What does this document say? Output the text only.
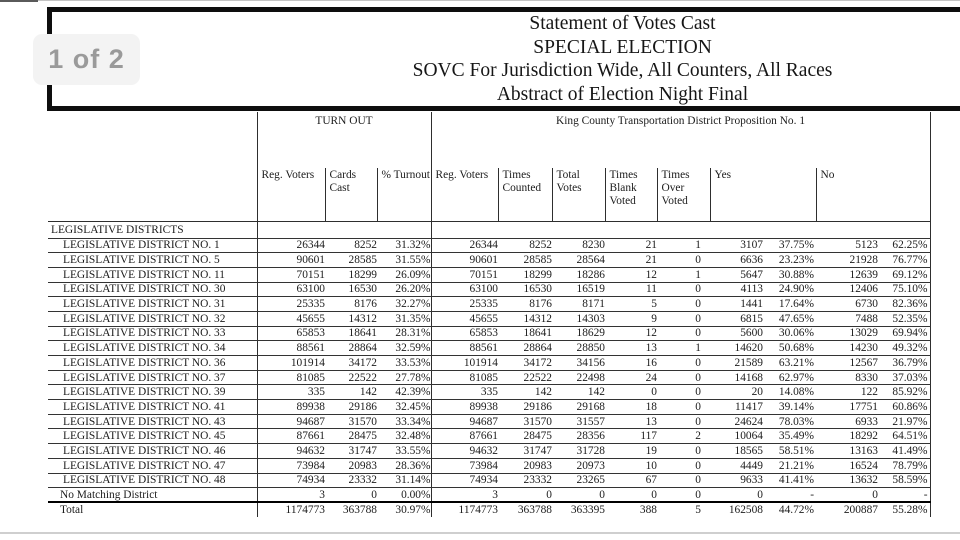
Statement of Votes Cast
SPECIAL ELECTION
SOVC For Jurisdiction Wide, All Counters, All Races
Abstract of Election Night Final
1 of 2
	TURN OUT			King County Transportation District Proposition No. 1								
	Reg. Voters	Cards Cast	% Turnout	Reg. Voters	Times Counted	Total Votes	Times Blank Voted	Times Over Voted	Yes		No	
LEGISLATIVE DISTRICTS												
LEGISLATIVE DISTRICT NO. 1	26344	8252	31.32%	26344	8252	8230	21	1	3107	37.75%	5123	62.25%
LEGISLATIVE DISTRICT NO. 5	90601	28585	31.55%	90601	28585	28564	21	0	6636	23.23%	21928	76.77%
LEGISLATIVE DISTRICT NO. 11	70151	18299	26.09%	70151	18299	18286	12	1	5647	30.88%	12639	69.12%
LEGISLATIVE DISTRICT NO. 30	63100	16530	26.20%	63100	16530	16519	11	0	4113	24.90%	12406	75.10%
LEGISLATIVE DISTRICT NO. 31	25335	8176	32.27%	25335	8176	8171	5	0	1441	17.64%	6730	82.36%
LEGISLATIVE DISTRICT NO. 32	45655	14312	31.35%	45655	14312	14303	9	0	6815	47.65%	7488	52.35%
LEGISLATIVE DISTRICT NO. 33	65853	18641	28.31%	65853	18641	18629	12	0	5600	30.06%	13029	69.94%
LEGISLATIVE DISTRICT NO. 34	88561	28864	32.59%	88561	28864	28850	13	1	14620	50.68%	14230	49.32%
LEGISLATIVE DISTRICT NO. 36	101914	34172	33.53%	101914	34172	34156	16	0	21589	63.21%	12567	36.79%
LEGISLATIVE DISTRICT NO. 37	81085	22522	27.78%	81085	22522	22498	24	0	14168	62.97%	8330	37.03%
LEGISLATIVE DISTRICT NO. 39	335	142	42.39%	335	142	142	0	0	20	14.08%	122	85.92%
LEGISLATIVE DISTRICT NO. 41	89938	29186	32.45%	89938	29186	29168	18	0	11417	39.14%	17751	60.86%
LEGISLATIVE DISTRICT NO. 43	94687	31570	33.34%	94687	31570	31557	13	0	24624	78.03%	6933	21.97%
LEGISLATIVE DISTRICT NO. 45	87661	28475	32.48%	87661	28475	28356	117	2	10064	35.49%	18292	64.51%
LEGISLATIVE DISTRICT NO. 46	94632	31747	33.55%	94632	31747	31728	19	0	18565	58.51%	13163	41.49%
LEGISLATIVE DISTRICT NO. 47	73984	20983	28.36%	73984	20983	20973	10	0	4449	21.21%	16524	78.79%
LEGISLATIVE DISTRICT NO. 48	74934	23332	31.14%	74934	23332	23265	67	0	9633	41.41%	13632	58.59%
No Matching District	3	0	0.00%	3	0	0	0	0	0	-	0	-
Total	1174773	363788	30.97%	1174773	363788	363395	388	5	162508	44.72%	200887	55.28%
